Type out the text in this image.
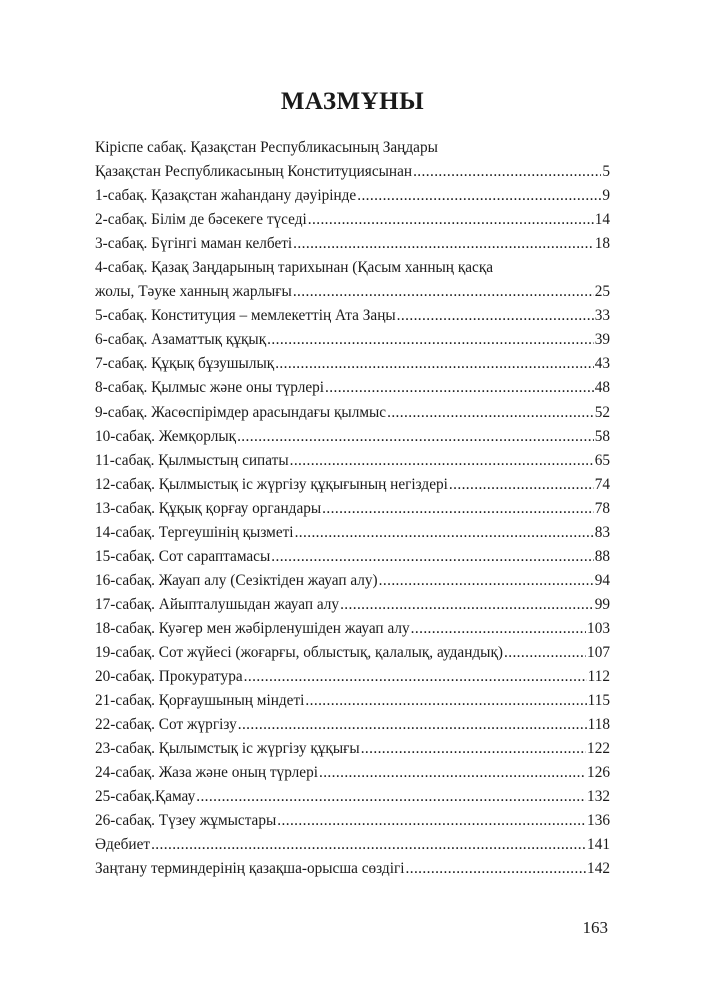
МАЗМҰНЫ
Кіріспе сабақ. Қазақстан Республикасының Заңдары
Қазақстан Республикасының Конституциясынан .....	5
1-сабақ. Қазақстан жаһандану дәуірінде .....	9
2-сабақ. Білім де бәсекеге түседі .....	14
3-сабақ. Бүгінгі маман келбеті .....	18
4-сабақ. Қазақ Заңдарының тарихынан (Қасым ханның қасқа
жолы, Тәуке ханның жарлығы .....	25
5-сабақ. Конституция – мемлекеттің Ата Заңы .....	33
6-сабақ. Азаматтық құқық .....	39
7-сабақ. Құқық бұзушылық .....	43
8-сабақ. Қылмыс және оны түрлері .....	48
9-сабақ. Жасөспірімдер арасындағы қылмыс .....	52
10-сабақ. Жемқорлық .....	58
11-сабақ. Қылмыстың сипаты .....	65
12-сабақ. Қылмыстық іс жүргізу құқығының негіздері .....	74
13-сабақ. Құқық қорғау органдары .....	78
14-сабақ. Тергеушінің қызметі .....	83
15-сабақ. Сот сараптамасы .....	88
16-сабақ. Жауап алу (Сезіктіден жауап алу) .....	94
17-сабақ. Айыпталушыдан жауап алу .....	99
18-сабақ. Куәгер мен жәбірленушіден жауап алу .....	103
19-сабақ. Сот жүйесі (жоғарғы, облыстық, қалалық, аудандық) .....	107
20-сабақ. Прокуратура .....	112
21-сабақ. Қорғаушының міндеті .....	115
22-сабақ. Сот жүргізу .....	118
23-сабақ. Қылымстық іс жүргізу құқығы .....	122
24-сабақ. Жаза және оның түрлері .....	126
25-сабақ.Қамау .....	132
26-сабақ. Түзеу жұмыстары .....	136
Әдебиет .....	141
Заңтану терминдерінің қазақша-орысша сөздігі .....	142
163
